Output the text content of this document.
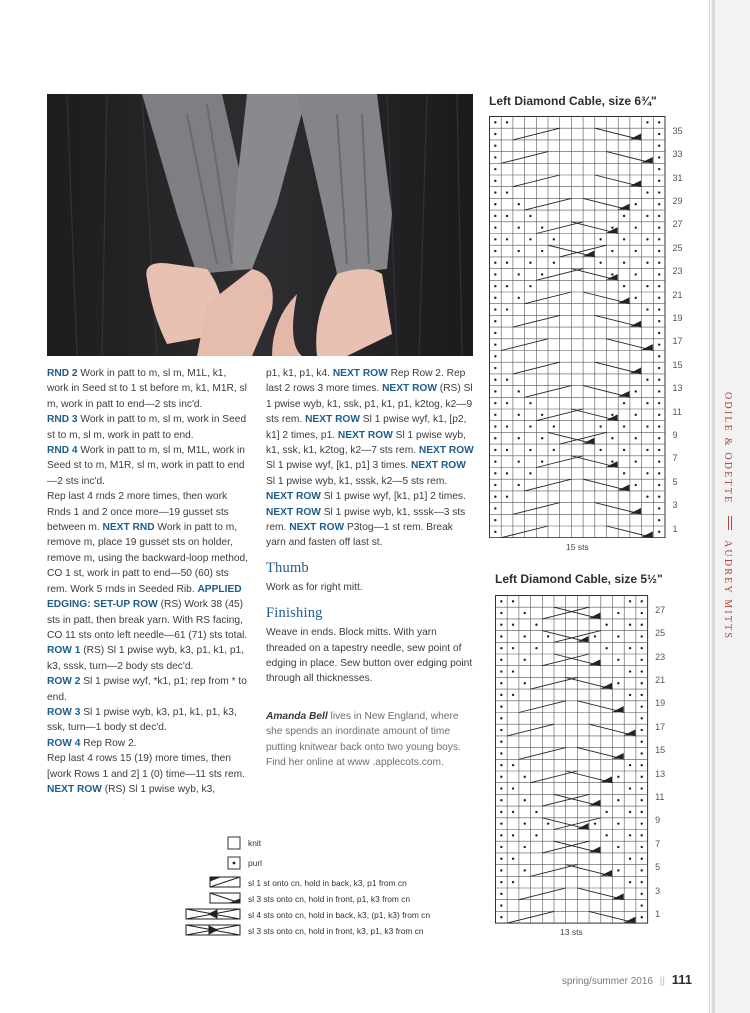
RND 2 Work in patt to m, sl m, M1L, k1, work in Seed st to 1 st before m, k1, M1R, sl m, work in patt to end—2 sts inc'd.

RND 3 Work in patt to m, sl m, work in Seed st to m, sl m, work in patt to end.

RND 4 Work in patt to m, sl m, M1L, work in Seed st to m, M1R, sl m, work in patt to end—2 sts inc'd.

Rep last 4 rnds 2 more times, then work Rnds 1 and 2 once more—19 gusset sts between m. NEXT RND Work in patt to m, remove m, place 19 gusset sts on holder, remove m, using the backward-loop method, CO 1 st, work in patt to end—50 (60) sts rem. Work 5 rnds in Seeded Rib. APPLIED EDGING: SET-UP ROW (RS) Work 38 (45) sts in patt, then break yarn. With RS facing, CO 11 sts onto left needle—61 (71) sts total.

ROW 1 (RS) Sl 1 pwise wyb, k3, p1, k1, p1, k3, sssk, turn—2 body sts dec'd.

ROW 2 Sl 1 pwise wyf, *k1, p1; rep from * to end.

ROW 3 Sl 1 pwise wyb, k3, p1, k1, p1, k3, ssk, turn—1 body st dec'd.

ROW 4 Rep Row 2.

Rep last 4 rows 15 (19) more times, then [work Rows 1 and 2] 1 (0) time—11 sts rem. NEXT ROW (RS) Sl 1 pwise wyb, k3,

p1, k1, p1, k4. NEXT ROW Rep Row 2. Rep last 2 rows 3 more times. NEXT ROW (RS) Sl 1 pwise wyb, k1, ssk, p1, k1, p1, k2tog, k2—9 sts rem. NEXT ROW Sl 1 pwise wyf, k1, [p2, k1] 2 times, p1. NEXT ROW Sl 1 pwise wyb, k1, ssk, k1, k2tog, k2—7 sts rem. NEXT ROW Sl 1 pwise wyf, [k1, p1] 3 times. NEXT ROW Sl 1 pwise wyb, k1, sssk, k2—5 sts rem. NEXT ROW Sl 1 pwise wyf, [k1, p1] 2 times. NEXT ROW Sl 1 pwise wyb, k1, sssk—3 sts rem. NEXT ROW P3tog—1 st rem. Break yarn and fasten off last st.

Thumb

Work as for right mitt.

Finishing

Weave in ends. Block mitts. With yarn threaded on a tapestry needle, sew point of edging in place. Sew button over edging point through all thicknesses.

Amanda Bell lives in New England, where she spends an inordinate amount of time putting knitwear back onto two young boys. Find her online at www .applecots.com.

Left Diamond Cable, size 6¾"
15 sts
Left Diamond Cable, size 5½"
13 sts
knit
purl
sl 1 st onto cn, hold in back, k3, p1 from cn
sl 3 sts onto cn, hold in front, p1, k3 from cn
sl 4 sts onto cn, hold in back, k3, (p1, k3) from cn
sl 3 sts onto cn, hold in front, k3, p1, k3 from cn
ODILE & ODETTE
AUDREY MITTS
spring/summer 2016 || 111
35
33
31
29
27
25
23
21
19
17
15
13
11
9
7
5
3
1
27
25
23
21
19
17
15
13
11
9
7
5
3
1
